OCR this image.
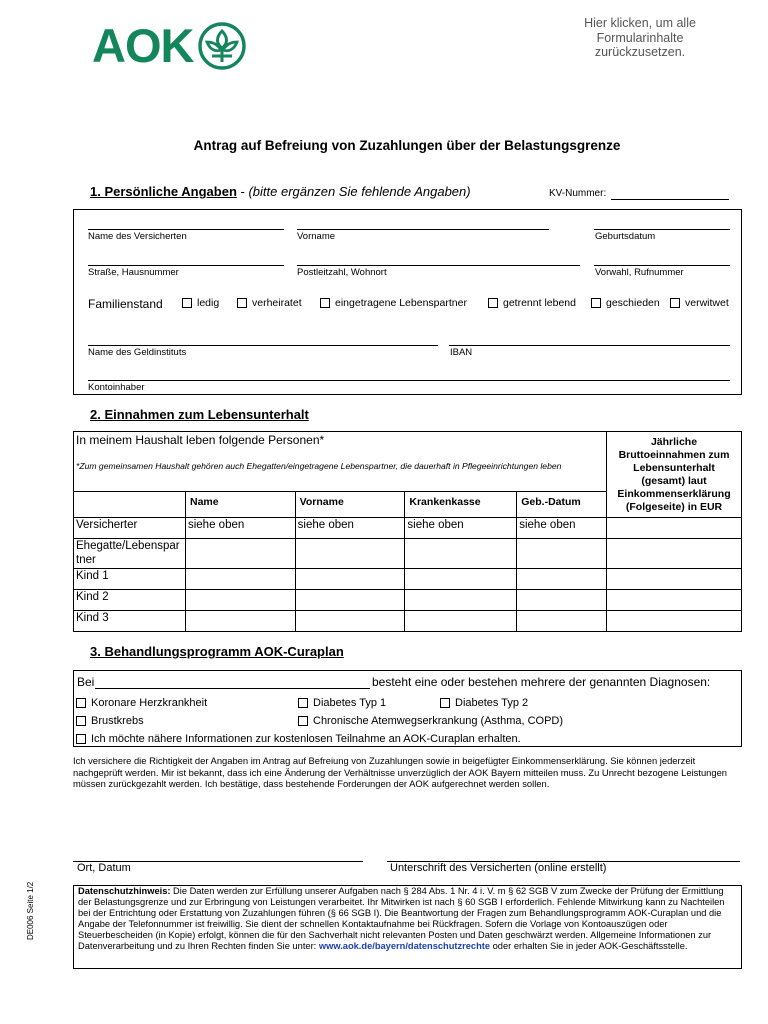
AOK	Hier klicken, um alle
Formularinhalte
zurückzusetzen.
Antrag auf Befreiung von Zuzahlungen über der Belastungsgrenze
1. Persönliche Angaben - (bitte ergänzen Sie fehlende Angaben)	KV-Nummer:
Name des Versicherten	Vorname	Geburtsdatum
Straße, Hausnummer	Postleitzahl, Wohnort	Vorwahl, Rufnummer
Familienstand	ledig	verheiratet	eingetragene Lebenspartner	getrennt lebend	geschieden	verwitwet
Name des Geldinstituts	IBAN
Kontoinhaber
2. Einnahmen zum Lebensunterhalt
In meinem Haushalt leben folgende Personen*
*Zum gemeinsamen Haushalt gehören auch Ehegatten/eingetragene Lebenspartner, die dauerhaft in Pflegeeinrichtungen leben					Jährliche Bruttoeinnahmen zum Lebensunterhalt (gesamt) laut Einkommenserklärung (Folgeseite) in EUR
	Name	Vorname	Krankenkasse	Geb.-Datum	
Versicherter	siehe oben	siehe oben	siehe oben	siehe oben	

Ehegatte/Lebenspartner					

Kind 1					
Kind 2					
Kind 3					
3. Behandlungsprogramm AOK-Curaplan
Bei	besteht eine oder bestehen mehrere der genannten Diagnosen:
Koronare Herzkrankheit	Diabetes Typ 1	Diabetes Typ 2
Brustkrebs	Chronische Atemwegserkrankung (Asthma, COPD)
Ich möchte nähere Informationen zur kostenlosen Teilnahme an AOK-Curaplan erhalten.
Ich versichere die Richtigkeit der Angaben im Antrag auf Befreiung von Zuzahlungen sowie in beigefügter Einkommenserklärung. Sie können jederzeit nachgeprüft werden. Mir ist bekannt, dass ich eine Änderung der Verhältnisse unverzüglich der AOK Bayern mitteilen muss. Zu Unrecht bezogene Leistungen müssen zurückgezahlt werden. Ich bestätige, dass bestehende Forderungen der AOK aufgerechnet werden sollen.
Ort, Datum	Unterschrift des Versicherten (online erstellt)
Datenschutzhinweis: Die Daten werden zur Erfüllung unserer Aufgaben nach § 284 Abs. 1 Nr. 4 i. V. m § 62 SGB V zum Zwecke der Prüfung der Ermittlung der Belastungsgrenze und zur Erbringung von Leistungen verarbeitet. Ihr Mitwirken ist nach § 60 SGB I erforderlich. Fehlende Mitwirkung kann zu Nachteilen bei der Entrichtung oder Erstattung von Zuzahlungen führen (§ 66 SGB I). Die Beantwortung der Fragen zum Behandlungsprogramm AOK-Curaplan und die Angabe der Telefonnummer ist freiwillig. Sie dient der schnellen Kontaktaufnahme bei Rückfragen. Sofern die Vorlage von Kontoauszügen oder Steuerbescheiden (in Kopie) erfolgt, können die für den Sachverhalt nicht relevanten Posten und Daten geschwärzt werden. Allgemeine Informationen zur Datenverarbeitung und zu Ihren Rechten finden Sie unter: www.aok.de/bayern/datenschutzrechte oder erhalten Sie in jeder AOK-Geschäftsstelle.
DE006 Seite 1/2
